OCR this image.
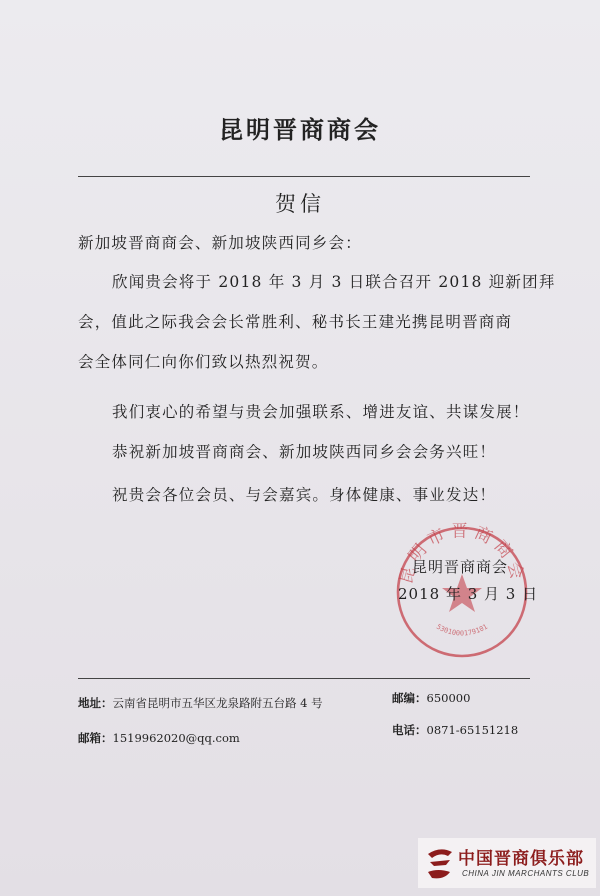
昆明晋商商会
贺信
新加坡晋商商会、新加坡陕西同乡会：
欣闻贵会将于 2018 年 3 月 3 日联合召开 2018 迎新团拜
会，值此之际我会会长常胜利、秘书长王建光携昆明晋商商
会全体同仁向你们致以热烈祝贺。
我们衷心的希望与贵会加强联系、增进友谊、共谋发展！
恭祝新加坡晋商商会、新加坡陕西同乡会会务兴旺！
祝贵会各位会员、与会嘉宾。身体健康、事业发达！
昆明市晋商商会
5301000179101
昆明晋商商会
2018 年 3 月 3 日
地址：云南省昆明市五华区龙泉路附五台路 4 号	邮编：650000
邮箱：1519962020@qq.com
电话：0871-65151218
中国晋商俱乐部
CHINA JIN MARCHANTS CLUB
